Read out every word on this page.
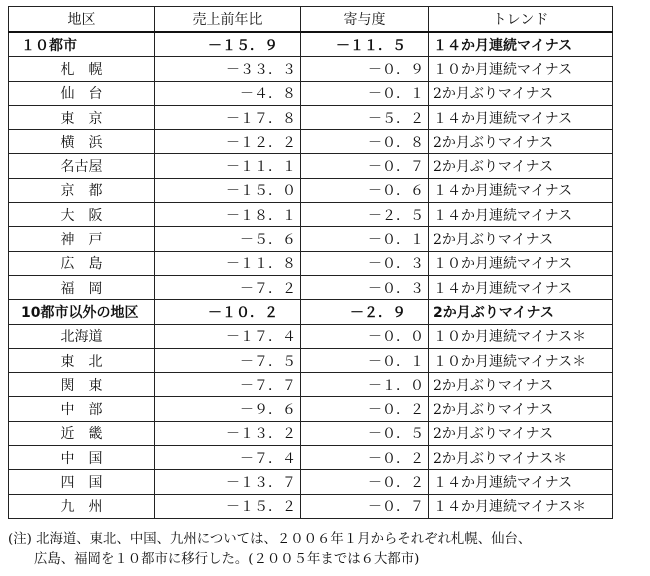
地区	売上前年比	寄与度	トレンド
１０都市	－１５．９	－１１．５	１４か月連続マイナス
札　幌	－３３．３	－０．９	１０か月連続マイナス
仙　台	－４．８	－０．１	2か月ぶりマイナス
東　京	－１７．８	－５．２	１４か月連続マイナス
横　浜	－１２．２	－０．８	2か月ぶりマイナス
名古屋	－１１．１	－０．７	2か月ぶりマイナス
京　都	－１５．０	－０．６	１４か月連続マイナス
大　阪	－１８．１	－２．５	１４か月連続マイナス
神　戸	－５．６	－０．１	2か月ぶりマイナス
広　島	－１１．８	－０．３	１０か月連続マイナス
福　岡	－７．２	－０．３	１４か月連続マイナス
10都市以外の地区	－１０．２	－２．９	2か月ぶりマイナス
北海道	－１７．４	－０．０	１０か月連続マイナス＊
東　北	－７．５	－０．１	１０か月連続マイナス＊
関　東	－７．７	－１．０	2か月ぶりマイナス
中　部	－９．６	－０．２	2か月ぶりマイナス
近　畿	－１３．２	－０．５	2か月ぶりマイナス
中　国	－７．４	－０．２	2か月ぶりマイナス＊
四　国	－１３．７	－０．２	１４か月連続マイナス
九　州	－１５．２	－０．７	１４か月連続マイナス＊
(注) 北海道、東北、中国、九州については、２００６年１月からそれぞれ札幌、仙台、
広島、福岡を１０都市に移行した。(２００５年までは６大都市)
